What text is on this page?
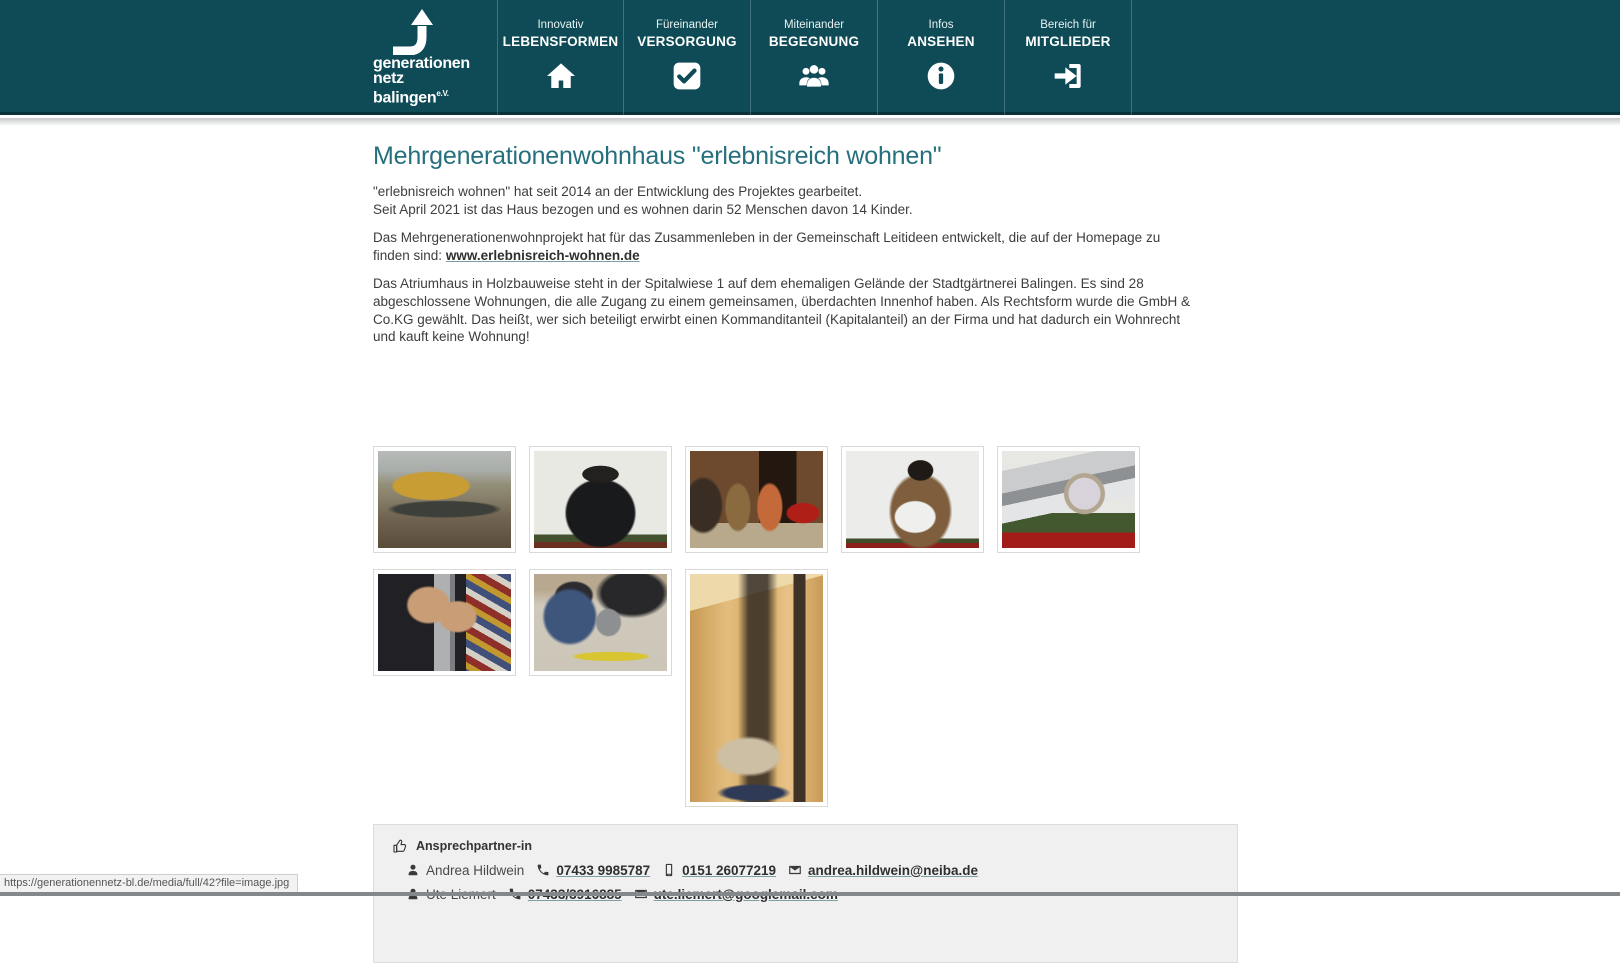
generationen
netz
balingen$^{e.V.}$
Innovativ
LEBENSFORMEN
Füreinander
VERSORGUNG
Miteinander
BEGEGNUNG
Infos
ANSEHEN
Bereich für
MITGLIEDER
Mehrgenerationenwohnhaus "erlebnisreich wohnen"

"erlebnisreich wohnen" hat seit 2014 an der Entwicklung des Projektes gearbeitet.
Seit April 2021 ist das Haus bezogen und es wohnen darin 52 Menschen davon 14 Kinder.

Das Mehrgenerationenwohnprojekt hat für das Zusammenleben in der Gemeinschaft Leitideen entwickelt, die auf der Homepage zu finden sind: www.erlebnisreich-wohnen.de

Das Atriumhaus in Holzbauweise steht in der Spitalwiese 1 auf dem ehemaligen Gelände der Stadtgärtnerei Balingen. Es sind 28 abgeschlossene Wohnungen, die alle Zugang zu einem gemeinsamen, überdachten Innenhof haben. Als Rechtsform wurde die GmbH & Co.KG gewählt. Das heißt, wer sich beteiligt erwirbt einen Kommanditanteil (Kapitalanteil) an der Firma und hat dadurch ein Wohnrecht
und kauft keine Wohnung!

Ansprechpartner-in
Andrea Hildwein 07433 9985787 0151 26077219 andrea.hildwein@neiba.de
https://generationennetz-bl.de/media/full/42?file=image.jpg
